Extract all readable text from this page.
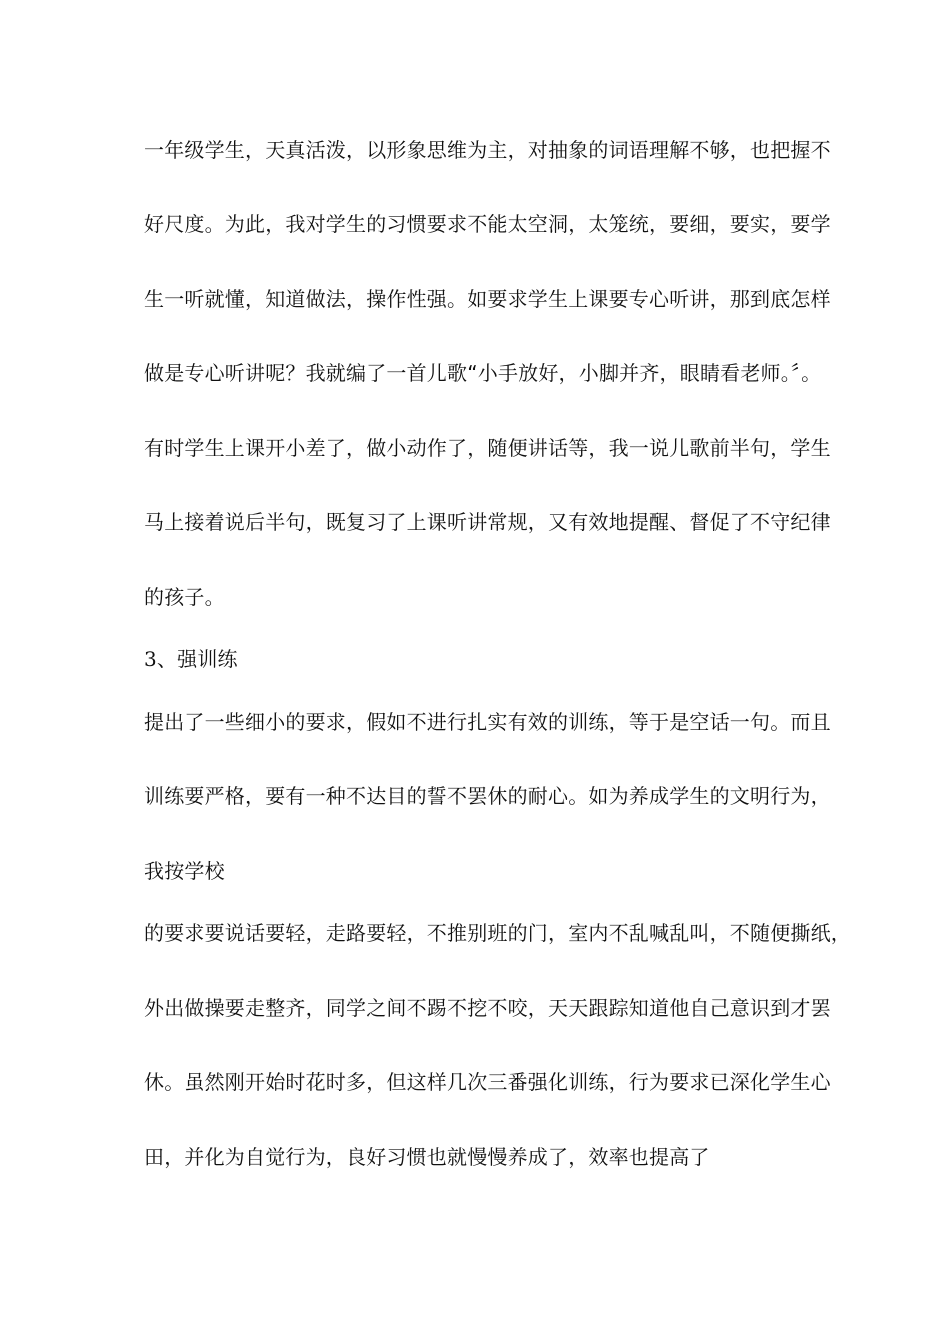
一年级学生，天真活泼，以形象思维为主，对抽象的词语理解不够，也把握不
好尺度。为此，我对学生的习惯要求不能太空洞，太笼统，要细，要实，要学
生一听就懂，知道做法，操作性强。如要求学生上课要专心听讲，那到底怎样
做是专心听讲呢？我就编了一首儿歌“小手放好，小脚并齐，眼睛看老师。〞。
有时学生上课开小差了，做小动作了，随便讲话等，我一说儿歌前半句，学生
马上接着说后半句，既复习了上课听讲常规，又有效地提醒、督促了不守纪律
的孩子。
3、强训练
提出了一些细小的要求，假如不进行扎实有效的训练，等于是空话一句。而且
训练要严格，要有一种不达目的誓不罢休的耐心。如为养成学生的文明行为，
我按学校
的要求要说话要轻，走路要轻，不推别班的门，室内不乱喊乱叫，不随便撕纸，
外出做操要走整齐，同学之间不踢不挖不咬，天天跟踪知道他自己意识到才罢
休。虽然刚开始时花时多，但这样几次三番强化训练，行为要求已深化学生心
田，并化为自觉行为，良好习惯也就慢慢养成了，效率也提高了
